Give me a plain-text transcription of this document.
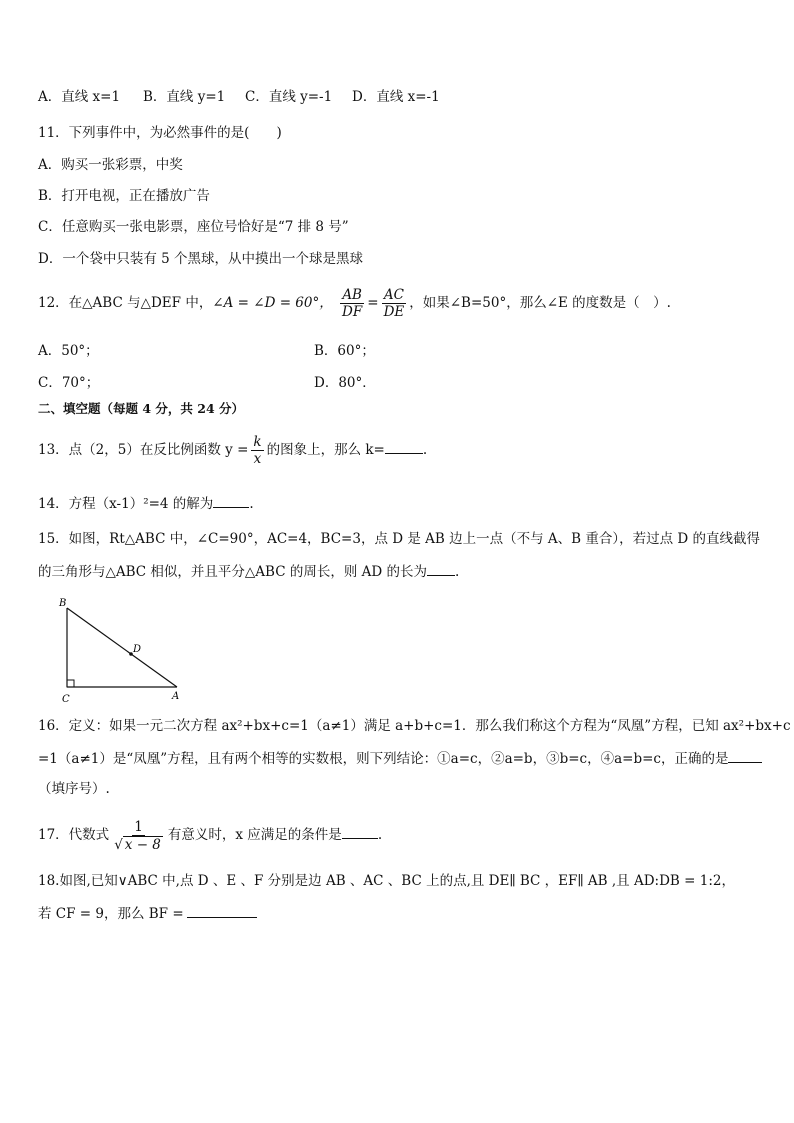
A．直线 x=1 B．直线 y=1 C．直线 y=-1 D．直线 x=-1
11．下列事件中，为必然事件的是(　　)
A．购买一张彩票，中奖
B．打开电视，正在播放广告
C．任意购买一张电影票，座位号恰好是“7 排 8 号”
D．一个袋中只装有 5 个黑球，从中摸出一个球是黑球
12．在△ABC 与△DEF 中，∠A = ∠D = 60°， $\frac{AB}{DF} = \frac{AC}{DE}$ ，如果∠B=50°，那么∠E 的度数是（　）.
A．50°；	B．60°；
C．70°；	D．80°．
二、填空题（每题 4 分，共 24 分）
13．点（2，5）在反比例函数 $y = \frac{k}{x}$ 的图象上，那么 k=	.
14．方程（x-1）²=4 的解为	.
15．如图，Rt△ABC 中，∠C=90°，AC=4，BC=3，点 D 是 AB 边上一点（不与 A、B 重合），若过点 D 的直线截得
的三角形与△ABC 相似，并且平分△ABC 的周长，则 AD 的长为 .
B
D
C	A
16．定义：如果一元二次方程 ax²+bx+c=1（a≠1）满足 a+b+c=1．那么我们称这个方程为“凤凰”方程，已知 ax²+bx+c
=1（a≠1）是“凤凰”方程，且有两个相等的实数根，则下列结论：①a=c，②a=b，③b=c，④a=b=c，正确的是
（填序号）.
17．代数式 $\frac{1}{√ x - 8}$ 有意义时，x 应满足的条件是	.
18.如图,已知∨ABC 中,点 D 、E 、F 分别是边 AB 、AC 、BC 上的点,且 DE∥ BC ，EF∥ AB ,且 AD:DB = 1:2，
若 CF = 9，那么 BF =
